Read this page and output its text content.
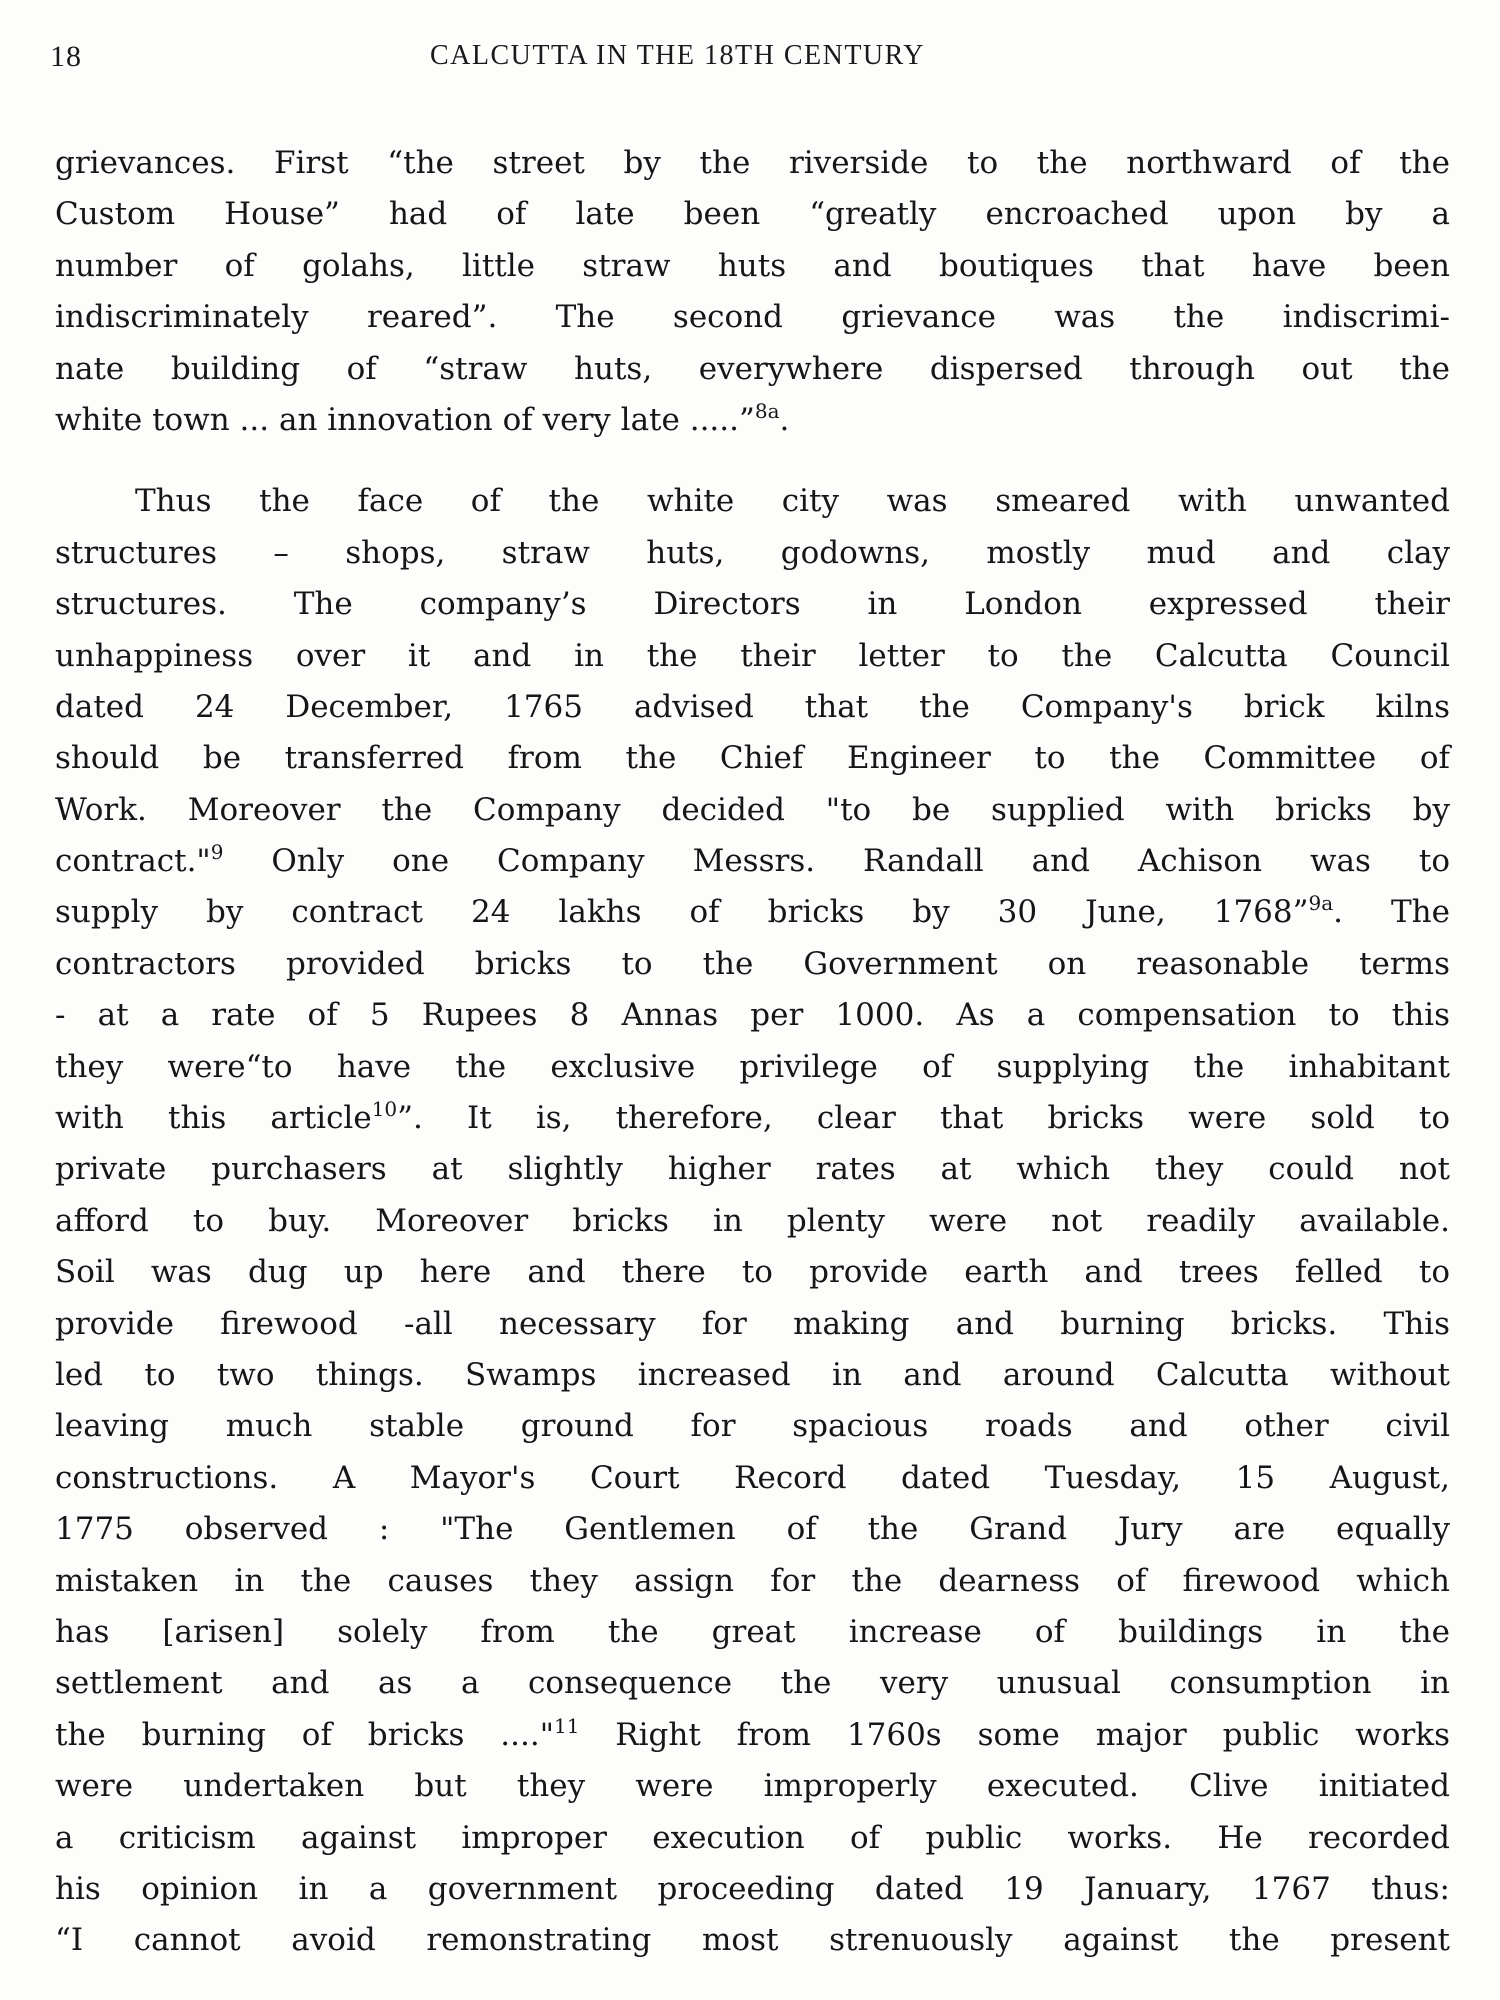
18	CALCUTTA IN THE 18TH CENTURY
grievances. First “the street by the riverside to the northward of the
Custom House” had of late been “greatly encroached upon by a
number of golahs, little straw huts and boutiques that have been
indiscriminately reared”. The second grievance was the indiscrimi-
nate building of “straw huts, everywhere dispersed through out the
white town ... an innovation of very late .....”$^{8a}$.
Thus the face of the white city was smeared with unwanted
structures – shops, straw huts, godowns, mostly mud and clay
structures. The company’s Directors in London expressed their
unhappiness over it and in the their letter to the Calcutta Council
dated 24 December, 1765 advised that the Company's brick kilns
should be transferred from the Chief Engineer to the Committee of
Work. Moreover the Company decided "to be supplied with bricks by
contract."$^9$ Only one Company Messrs. Randall and Achison was to
supply by contract 24 lakhs of bricks by 30 June, 1768”$^{9a}$. The
contractors provided bricks to the Government on reasonable terms
- at a rate of 5 Rupees 8 Annas per 1000. As a compensation to this
they were“to have the exclusive privilege of supplying the inhabitant
with this article$^{10}$”. It is, therefore, clear that bricks were sold to
private purchasers at slightly higher rates at which they could not
afford to buy. Moreover bricks in plenty were not readily available.
Soil was dug up here and there to provide earth and trees felled to
provide firewood -all necessary for making and burning bricks. This
led to two things. Swamps increased in and around Calcutta without
leaving much stable ground for spacious roads and other civil
constructions. A Mayor's Court Record dated Tuesday, 15 August,
1775 observed : "The Gentlemen of the Grand Jury are equally
mistaken in the causes they assign for the dearness of firewood which
has [arisen] solely from the great increase of buildings in the
settlement and as a consequence the very unusual consumption in
the burning of bricks ...."$^{11}$ Right from 1760s some major public works
were undertaken but they were improperly executed. Clive initiated
a criticism against improper execution of public works. He recorded
his opinion in a government proceeding dated 19 January, 1767 thus:
“I cannot avoid remonstrating most strenuously against the present
